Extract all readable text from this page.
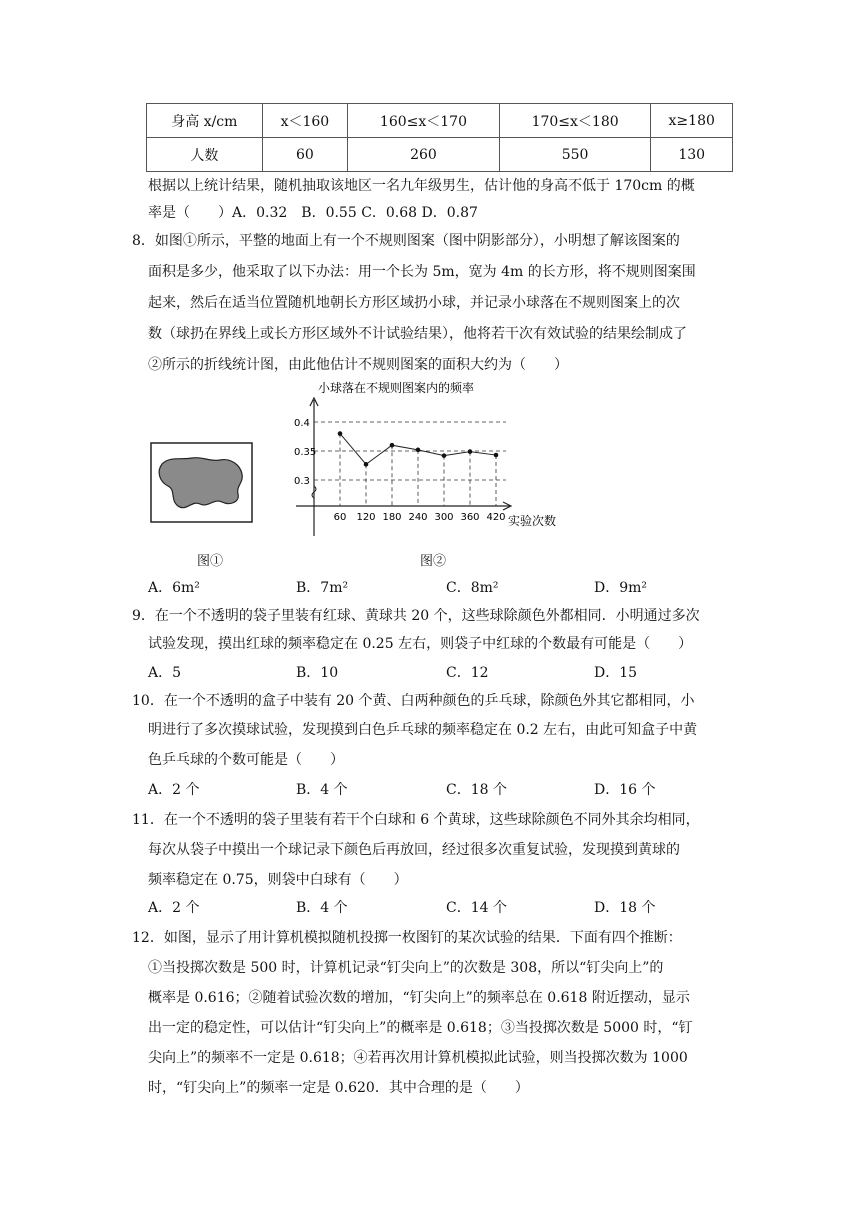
身高 x/cm	x＜160	160≤x＜170	170≤x＜180	x≥180
人数	60	260	550	130
根据以上统计结果，随机抽取该地区一名九年级男生，估计他的身高不低于 170cm 的概
率是（　　）A．0.32　B．0.55 C．0.68 D．0.87
8．如图①所示，平整的地面上有一个不规则图案（图中阴影部分），小明想了解该图案的
面积是多少，他采取了以下办法：用一个长为 5m，宽为 4m 的长方形，将不规则图案围
起来，然后在适当位置随机地朝长方形区域扔小球，并记录小球落在不规则图案上的次
数（球扔在界线上或长方形区域外不计试验结果），他将若干次有效试验的结果绘制成了
②所示的折线统计图，由此他估计不规则图案的面积大约为（　　）
图①
小球落在不规则图案内的频率
0.3
0.35
0.4
60 120 180 240 300 360 420 实验次数
图②
A．6m²	B．7m²	C．8m²	D．9m²
9．在一个不透明的袋子里装有红球、黄球共 20 个，这些球除颜色外都相同．小明通过多次
试验发现，摸出红球的频率稳定在 0.25 左右，则袋子中红球的个数最有可能是（　　）
A．5	B．10	C．12	D．15
10．在一个不透明的盒子中装有 20 个黄、白两种颜色的乒乓球，除颜色外其它都相同，小
明进行了多次摸球试验，发现摸到白色乒乓球的频率稳定在 0.2 左右，由此可知盒子中黄
色乒乓球的个数可能是（　　）
A．2 个	B．4 个	C．18 个	D．16 个
11．在一个不透明的袋子里装有若干个白球和 6 个黄球，这些球除颜色不同外其余均相同，
每次从袋子中摸出一个球记录下颜色后再放回，经过很多次重复试验，发现摸到黄球的
频率稳定在 0.75，则袋中白球有（　　）
A．2 个	B．4 个	C．14 个	D．18 个
12．如图，显示了用计算机模拟随机投掷一枚图钉的某次试验的结果．下面有四个推断：
①当投掷次数是 500 时，计算机记录“钉尖向上”的次数是 308，所以“钉尖向上”的
概率是 0.616；②随着试验次数的增加，“钉尖向上”的频率总在 0.618 附近摆动，显示
出一定的稳定性，可以估计“钉尖向上”的概率是 0.618；③当投掷次数是 5000 时，“钉
尖向上”的频率不一定是 0.618；④若再次用计算机模拟此试验，则当投掷次数为 1000
时，“钉尖向上”的频率一定是 0.620．其中合理的是（　　）
